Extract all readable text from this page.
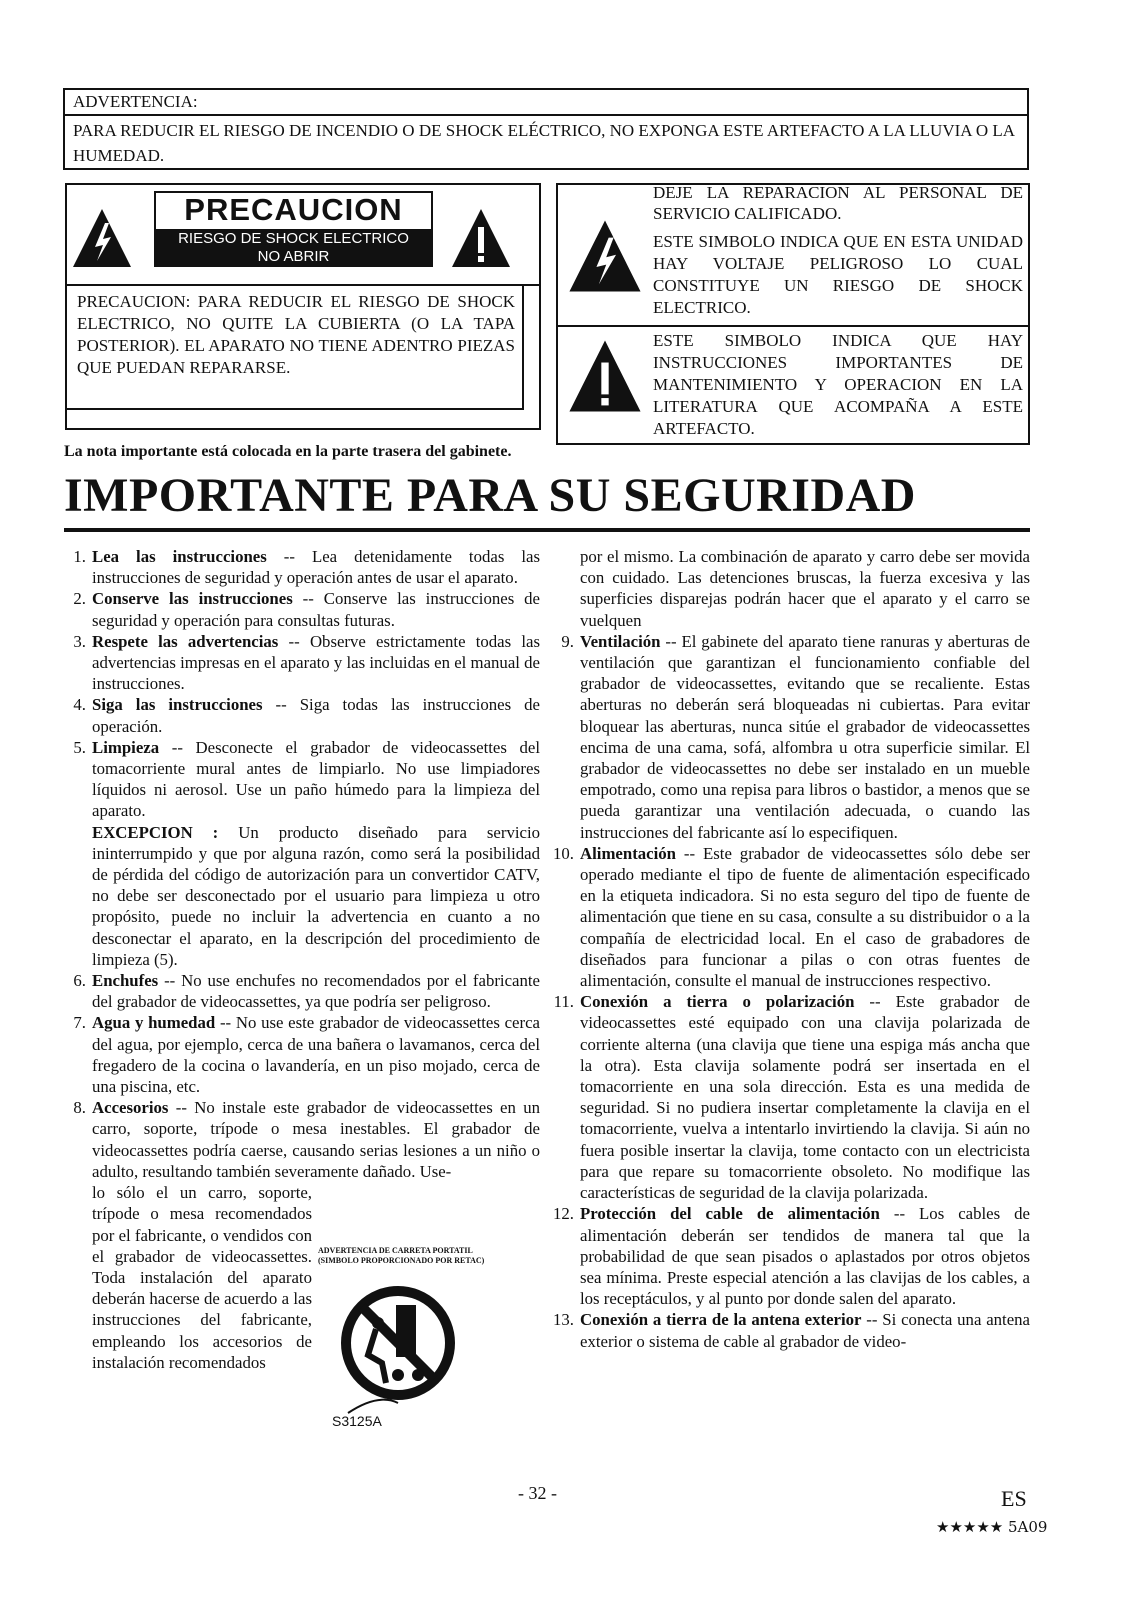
ADVERTENCIA:
PARA REDUCIR EL RIESGO DE INCENDIO O DE SHOCK ELÉCTRICO, NO EXPONGA ESTE ARTEFACTO A LA LLUVIA O LA HUMEDAD.
PRECAUCION
RIESGO DE SHOCK ELECTRICO
NO ABRIR
PRECAUCION: PARA REDUCIR EL RIESGO DE SHOCK ELECTRICO, NO QUITE LA CUBIERTA (O LA TAPA POSTERIOR). EL APARATO NO TIENE ADENTRO PIEZAS QUE PUEDAN REPARARSE.
DEJE LA REPARACION AL PERSONAL DE SERVICIO CALIFICADO.
ESTE SIMBOLO INDICA QUE EN ESTA UNIDAD HAY VOLTAJE PELIGROSO LO CUAL CONSTITUYE UN RIESGO DE SHOCK ELECTRICO.
ESTE SIMBOLO INDICA QUE HAY INSTRUCCIONES IMPORTANTES DE MANTENIMIENTO Y OPERACION EN LA LITERATURA QUE ACOMPAÑA A ESTE ARTEFACTO.
La nota importante está colocada en la parte trasera del gabinete.
IMPORTANTE PARA SU SEGURIDAD
1. Lea las instrucciones -- Lea detenidamente todas las instrucciones de seguridad y operación antes de usar el aparato.
2. Conserve las instrucciones -- Conserve las instrucciones de seguridad y operación para consultas futuras.
3. Respete las advertencias -- Observe estrictamente todas las advertencias impresas en el aparato y las incluidas en el manual de instrucciones.
4. Siga las instrucciones -- Siga todas las instrucciones de operación.
5. Limpieza -- Desconecte el grabador de videocassettes del tomacorriente mural antes de limpiarlo. No use limpiadores líquidos ni aerosol. Use un paño húmedo para la limpieza del aparato.
EXCEPCION : Un producto diseñado para servicio ininterrumpido y que por alguna razón, como será la posibilidad de pérdida del código de autorización para un convertidor CATV, no debe ser desconectado por el usuario para limpieza u otro propósito, puede no incluir la advertencia en cuanto a no desconectar el aparato, en la descripción del procedimiento de limpieza (5).
6. Enchufes -- No use enchufes no recomendados por el fabricante del grabador de videocassettes, ya que podría ser peligroso.
7. Agua y humedad -- No use este grabador de videocassettes cerca del agua, por ejemplo, cerca de una bañera o lavamanos, cerca del fregadero de la cocina o lavandería, en un piso mojado, cerca de una piscina, etc.
8. Accesorios -- No instale este grabador de videocassettes en un carro, soporte, trípode o mesa inestables. El grabador de videocassettes podría caerse, causando serias lesiones a un niño o adulto, resultando también severamente dañado. Use-
lo sólo el un carro, soporte, trípode o mesa recomendados por el fabricante, o vendidos con el grabador de videocassettes. Toda instalación del aparato deberán hacerse de acuerdo a las instrucciones del fabricante, empleando los accesorios de instalación recomendados
ADVERTENCIA DE CARRETA PORTATIL
(SIMBOLO PROPORCIONADO POR RETAC)
S3125A
por el mismo. La combinación de aparato y carro debe ser movida con cuidado. Las detenciones bruscas, la fuerza excesiva y las superficies disparejas podrán hacer que el aparato y el carro se vuelquen
9. Ventilación -- El gabinete del aparato tiene ranuras y aberturas de ventilación que garantizan el funcionamiento confiable del grabador de videocassettes, evitando que se recaliente. Estas aberturas no deberán será bloqueadas ni cubiertas. Para evitar bloquear las aberturas, nunca sitúe el grabador de videocassettes encima de una cama, sofá, alfombra u otra superficie similar. El grabador de videocassettes no debe ser instalado en un mueble empotrado, como una repisa para libros o bastidor, a menos que se pueda garantizar una ventilación adecuada, o cuando las instrucciones del fabricante así lo especifiquen.
10. Alimentación -- Este grabador de videocassettes sólo debe ser operado mediante el tipo de fuente de alimentación especificado en la etiqueta indicadora. Si no esta seguro del tipo de fuente de alimentación que tiene en su casa, consulte a su distribuidor o a la compañía de electricidad local. En el caso de grabadores de diseñados para funcionar a pilas o con otras fuentes de alimentación, consulte el manual de instrucciones respectivo.
11. Conexión a tierra o polarización -- Este grabador de videocassettes esté equipado con una clavija polarizada de corriente alterna (una clavija que tiene una espiga más ancha que la otra). Esta clavija solamente podrá ser insertada en el tomacorriente en una sola dirección. Esta es una medida de seguridad. Si no pudiera insertar completamente la clavija en el tomacorriente, vuelva a intentarlo invirtiendo la clavija. Si aún no fuera posible insertar la clavija, tome contacto con un electricista para que repare su tomacorriente obsoleto. No modifique las características de seguridad de la clavija polarizada.
12. Protección del cable de alimentación -- Los cables de alimentación deberán ser tendidos de manera tal que la probabilidad de que sean pisados o aplastados por otros objetos sea mínima. Preste especial atención a las clavijas de los cables, a los receptáculos, y al punto por donde salen del aparato.
13. Conexión a tierra de la antena exterior -- Si conecta una antena exterior o sistema de cable al grabador de video-
- 32 -	ES
★★★★★ 5A09
